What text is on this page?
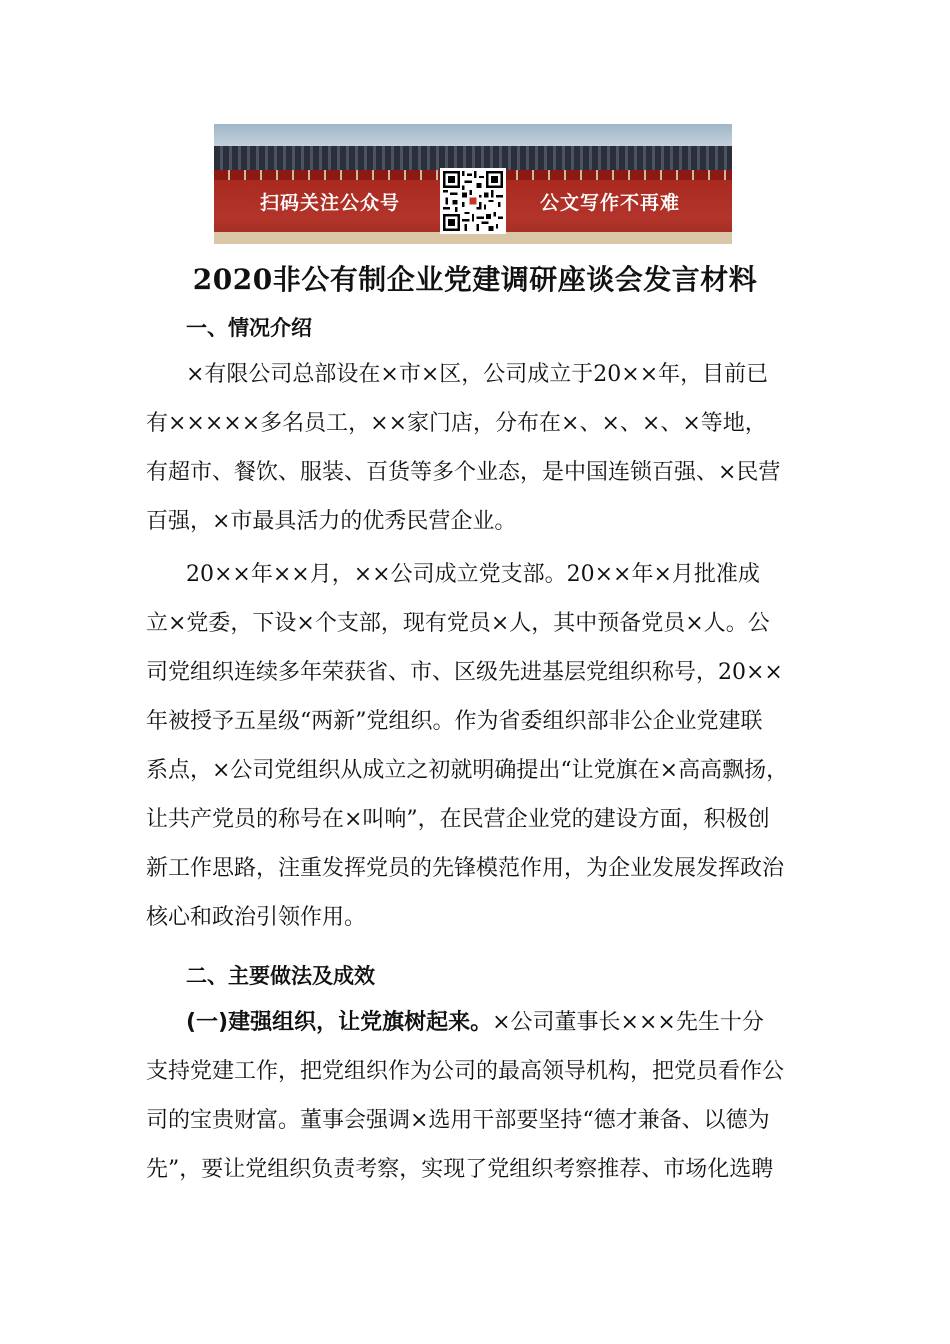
扫码关注公众号	公文写作不再难
2020非公有制企业党建调研座谈会发言材料
一、情况介绍
×有限公司总部设在×市×区，公司成立于20××年，目前已
有×××××多名员工，××家门店，分布在×、×、×、×等地，
有超市、餐饮、服装、百货等多个业态，是中国连锁百强、×民营
百强，×市最具活力的优秀民营企业。
20××年××月，××公司成立党支部。20××年×月批准成
立×党委，下设×个支部，现有党员×人，其中预备党员×人。公
司党组织连续多年荣获省、市、区级先进基层党组织称号，20××
年被授予五星级“两新”党组织。作为省委组织部非公企业党建联
系点，×公司党组织从成立之初就明确提出“让党旗在×高高飘扬，
让共产党员的称号在×叫响”，在民营企业党的建设方面，积极创
新工作思路，注重发挥党员的先锋模范作用，为企业发展发挥政治
核心和政治引领作用。
二、主要做法及成效
(一)建强组织，让党旗树起来。×公司董事长×××先生十分
支持党建工作，把党组织作为公司的最高领导机构，把党员看作公
司的宝贵财富。董事会强调×选用干部要坚持“德才兼备、以德为
先”，要让党组织负责考察，实现了党组织考察推荐、市场化选聘
